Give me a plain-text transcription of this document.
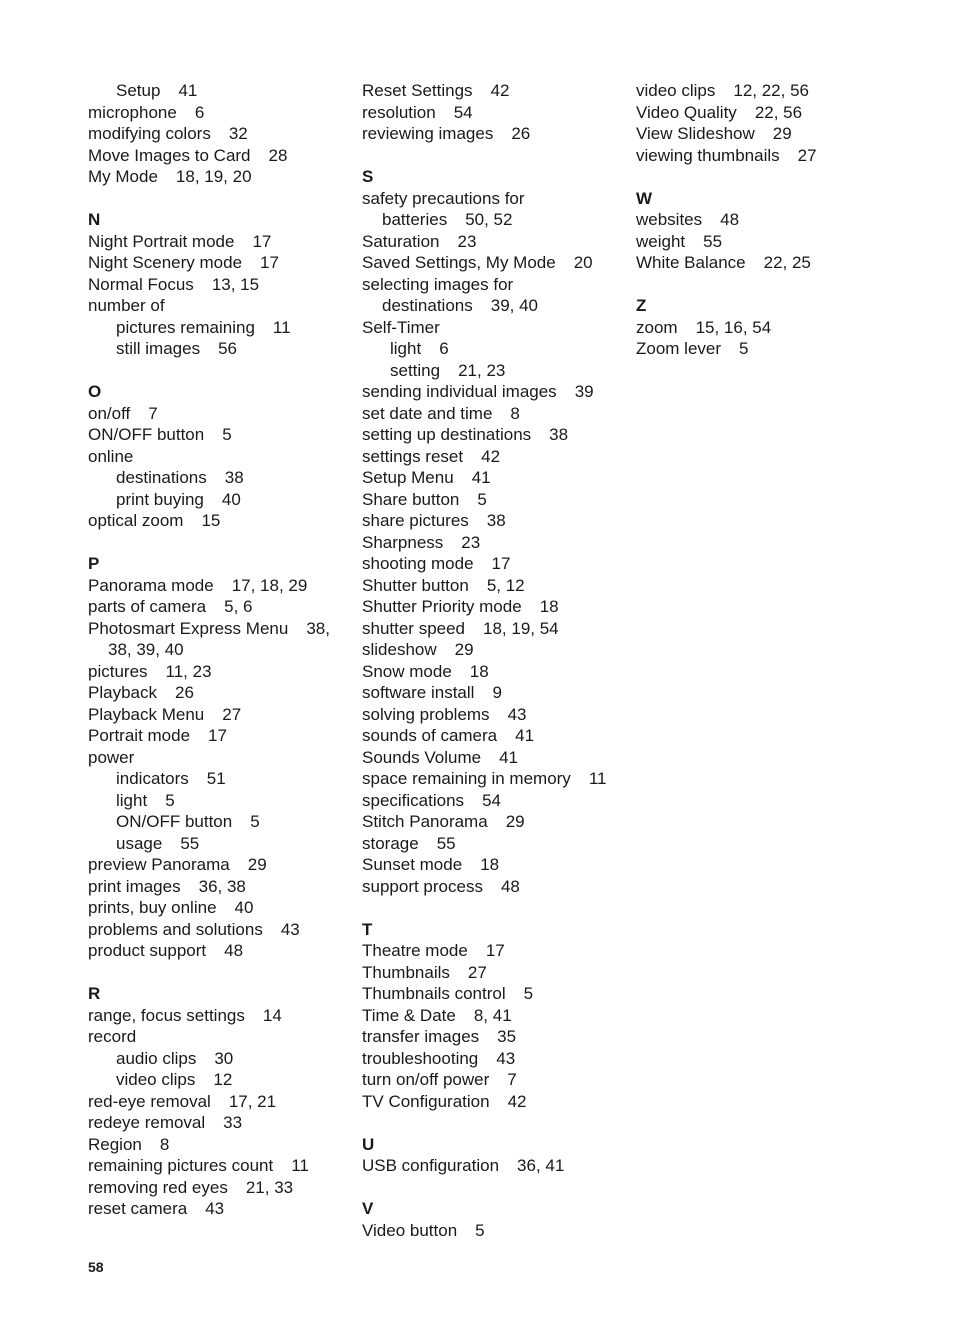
Setup 41
microphone 6
modifying colors 32
Move Images to Card 28
My Mode 18, 19, 20
N
Night Portrait mode 17
Night Scenery mode 17
Normal Focus 13, 15
number of
pictures remaining 11
still images 56
O
on/off 7
ON/OFF button 5
online
destinations 38
print buying 40
optical zoom 15
P
Panorama mode 17, 18, 29
parts of camera 5, 6
Photosmart Express Menu 38,
38, 39, 40
pictures 11, 23
Playback 26
Playback Menu 27
Portrait mode 17
power
indicators 51
light 5
ON/OFF button 5
usage 55
preview Panorama 29
print images 36, 38
prints, buy online 40
problems and solutions 43
product support 48
R
range, focus settings 14
record
audio clips 30
video clips 12
red-eye removal 17, 21
redeye removal 33
Region 8
remaining pictures count 11
removing red eyes 21, 33
reset camera 43
Reset Settings 42
resolution 54
reviewing images 26
S
safety precautions for
batteries 50, 52
Saturation 23
Saved Settings, My Mode 20
selecting images for
destinations 39, 40
Self-Timer
light 6
setting 21, 23
sending individual images 39
set date and time 8
setting up destinations 38
settings reset 42
Setup Menu 41
Share button 5
share pictures 38
Sharpness 23
shooting mode 17
Shutter button 5, 12
Shutter Priority mode 18
shutter speed 18, 19, 54
slideshow 29
Snow mode 18
software install 9
solving problems 43
sounds of camera 41
Sounds Volume 41
space remaining in memory 11
specifications 54
Stitch Panorama 29
storage 55
Sunset mode 18
support process 48
T
Theatre mode 17
Thumbnails 27
Thumbnails control 5
Time & Date 8, 41
transfer images 35
troubleshooting 43
turn on/off power 7
TV Configuration 42
U
USB configuration 36, 41
V
Video button 5
video clips 12, 22, 56
Video Quality 22, 56
View Slideshow 29
viewing thumbnails 27
W
websites 48
weight 55
White Balance 22, 25
Z
zoom 15, 16, 54
Zoom lever 5
58
